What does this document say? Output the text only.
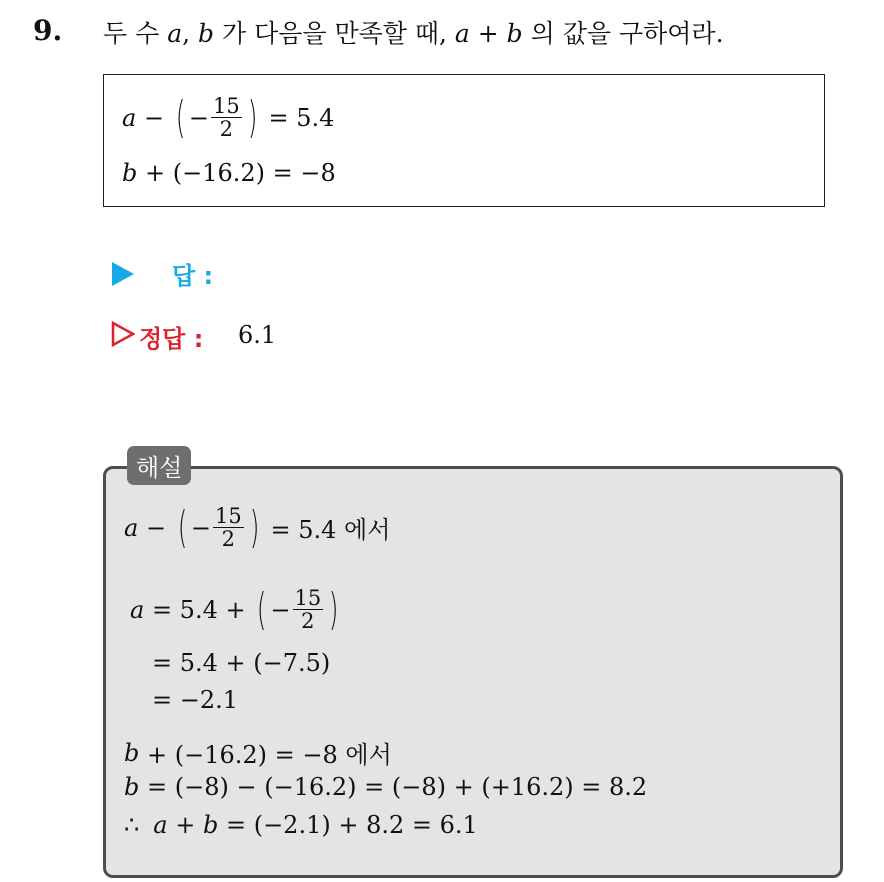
9. 두 수 a, b 가 다음을 만족할 때, a + b 의 값을 구하여라.
a − ( − $\frac{15}{2}$ ) = 5.4
b + (−16.2) = −8
답 :
정답 : 6.1
a − ( − $\frac{15}{2}$ ) = 5.4 에서
a = 5.4 + ( − $\frac{15}{2}$ )
= 5.4 + (−7.5)
= −2.1
b + (−16.2) = −8 에서
b = (−8) − (−16.2) = (−8) + (+16.2) = 8.2
∴ a + b = (−2.1) + 8.2 = 6.1
해설
